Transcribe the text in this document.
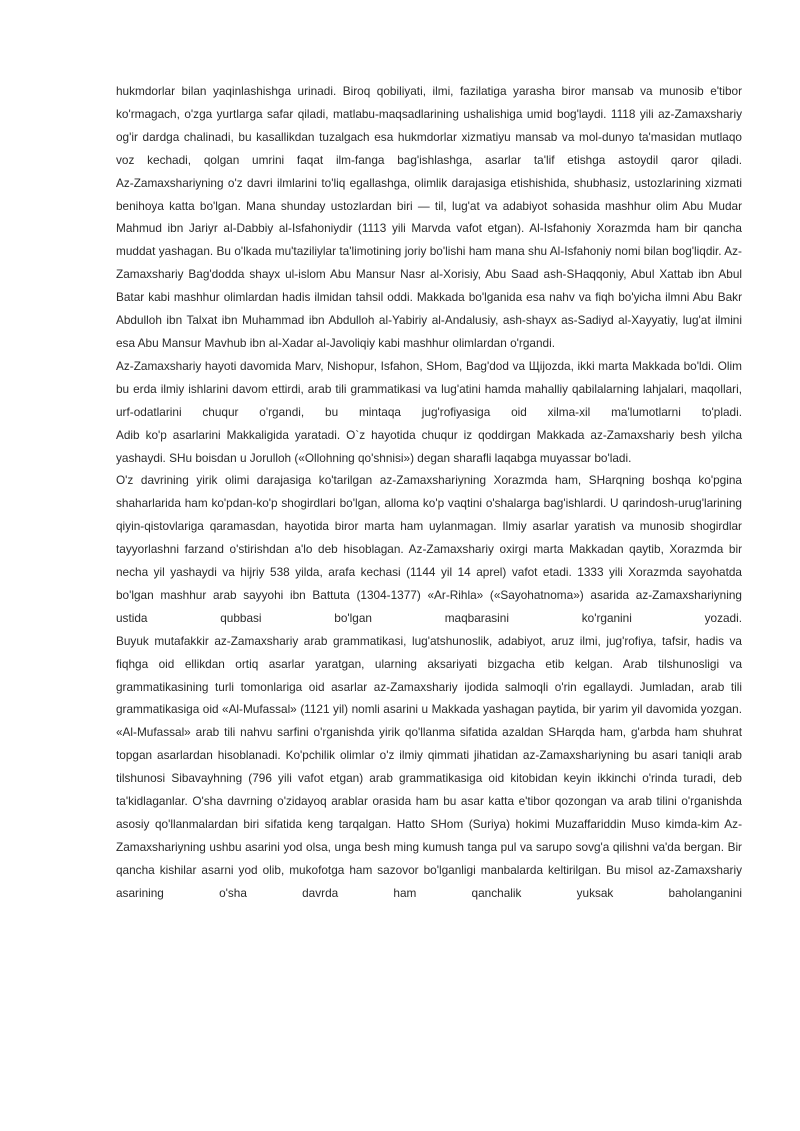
hukmdorlar bilan yaqinlashishga urinadi. Biroq qobiliyati, ilmi, fazilatiga yarasha biror mansab va munosib e'tibor ko'rmagach, o'zga yurtlarga safar qiladi, matlabu-maqsadlarining ushalishiga umid bog'laydi. 1118 yili az-Zamaxshariy og'ir dardga chalinadi, bu kasallikdan tuzalgach esa hukmdorlar xizmatiyu mansab va mol-dunyo ta'masidan mutlaqo voz kechadi, qolgan umrini faqat ilm-fanga bag'ishlashga, asarlar ta'lif etishga astoydil qaror qiladi.

Az-Zamaxshariyning o'z davri ilmlarini to'liq egallashga, olimlik darajasiga etishishida, shubhasiz, ustozlarining xizmati benihoya katta bo'lgan. Mana shunday ustozlardan biri — til, lug'at va adabiyot sohasida mashhur olim Abu Mudar Mahmud ibn Jariyr al-Dabbiy al-Isfahoniydir (1113 yili Marvda vafot etgan). Al-Isfahoniy Xorazmda ham bir qancha muddat yashagan. Bu o'lkada mu'taziliylar ta'limotining joriy bo'lishi ham mana shu Al-Isfahoniy nomi bilan bog'liqdir. Az-Zamaxshariy Bag'dodda shayx ul-islom Abu Mansur Nasr al-Xorisiy, Abu Saad ash-SHaqqoniy, Abul Xattab ibn Abul Batar kabi mashhur olimlardan hadis ilmidan tahsil oddi. Makkada bo'lganida esa nahv va fiqh bo'yicha ilmni Abu Bakr Abdulloh ibn Talxat ibn Muhammad ibn Abdulloh al-Yabiriy al-Andalusiy, ash-shayx as-Sadiyd al-Xayyatiy, lug'at ilmini esa Abu Mansur Mavhub ibn al-Xadar al-Javoliqiy kabi mashhur olimlardan o'rgandi.

Az-Zamaxshariy hayoti davomida Marv, Nishopur, Isfahon, SHom, Bag'dod va Щijozda, ikki marta Makkada bo'ldi. Olim bu erda ilmiy ishlarini davom ettirdi, arab tili grammatikasi va lug'atini hamda mahalliy qabilalarning lahjalari, maqollari, urf-odatlarini chuqur o'rgandi, bu mintaqa jug'rofiyasiga oid xilma-xil ma'lumotlarni to'pladi.

Adib ko'p asarlarini Makkaligida yaratadi. O`z hayotida chuqur iz qoddirgan Makkada az-Zamaxshariy besh yilcha yashaydi. SHu boisdan u Jorulloh («Ollohning qo'shnisi») degan sharafli laqabga muyassar bo'ladi.

O'z davrining yirik olimi darajasiga ko'tarilgan az-Zamaxshariyning Xorazmda ham, SHarqning boshqa ko'pgina shaharlarida ham ko'pdan-ko'p shogirdlari bo'lgan, alloma ko'p vaqtini o'shalarga bag'ishlardi. U qarindosh-urug'larining qiyin-qistovlariga qaramasdan, hayotida biror marta ham uylanmagan. Ilmiy asarlar yaratish va munosib shogirdlar tayyorlashni farzand o'stirishdan a'lo deb hisoblagan. Az-Zamaxshariy oxirgi marta Makkadan qaytib, Xorazmda bir necha yil yashaydi va hijriy 538 yilda, arafa kechasi (1144 yil 14 aprel) vafot etadi. 1333 yili Xorazmda sayohatda bo'lgan mashhur arab sayyohi ibn Battuta (1304-1377) «Ar-Rihla» («Sayohatnoma») asarida az-Zamaxshariyning ustida qubbasi bo'lgan maqbarasini ko'rganini yozadi.

Buyuk mutafakkir az-Zamaxshariy arab grammatikasi, lug'atshunoslik, adabiyot, aruz ilmi, jug'rofiya, tafsir, hadis va fiqhga oid ellikdan ortiq asarlar yaratgan, ularning aksariyati bizgacha etib kelgan. Arab tilshunosligi va grammatikasining turli tomonlariga oid asarlar az-Zamaxshariy ijodida salmoqli o'rin egallaydi. Jumladan, arab tili grammatikasiga oid «Al-Mufassal» (1121 yil) nomli asarini u Makkada yashagan paytida, bir yarim yil davomida yozgan. «Al-Mufassal» arab tili nahvu sarfini o'rganishda yirik qo'llanma sifatida azaldan SHarqda ham, g'arbda ham shuhrat topgan asarlardan hisoblanadi. Ko'pchilik olimlar o'z ilmiy qimmati jihatidan az-Zamaxshariyning bu asari taniqli arab tilshunosi Sibavayhning (796 yili vafot etgan) arab grammatikasiga oid kitobidan keyin ikkinchi o'rinda turadi, deb ta'kidlaganlar. O'sha davrning o'zidayoq arablar orasida ham bu asar katta e'tibor qozongan va arab tilini o'rganishda asosiy qo'llanmalardan biri sifatida keng tarqalgan. Hatto SHom (Suriya) hokimi Muzaffariddin Muso kimda-kim Az-Zamaxshariyning ushbu asarini yod olsa, unga besh ming kumush tanga pul va sarupo sovg'a qilishni va'da bergan. Bir qancha kishilar asarni yod olib, mukofotga ham sazovor bo'lganligi manbalarda keltirilgan. Bu misol az-Zamaxshariy asarining o'sha davrda ham qanchalik yuksak baholanganini
